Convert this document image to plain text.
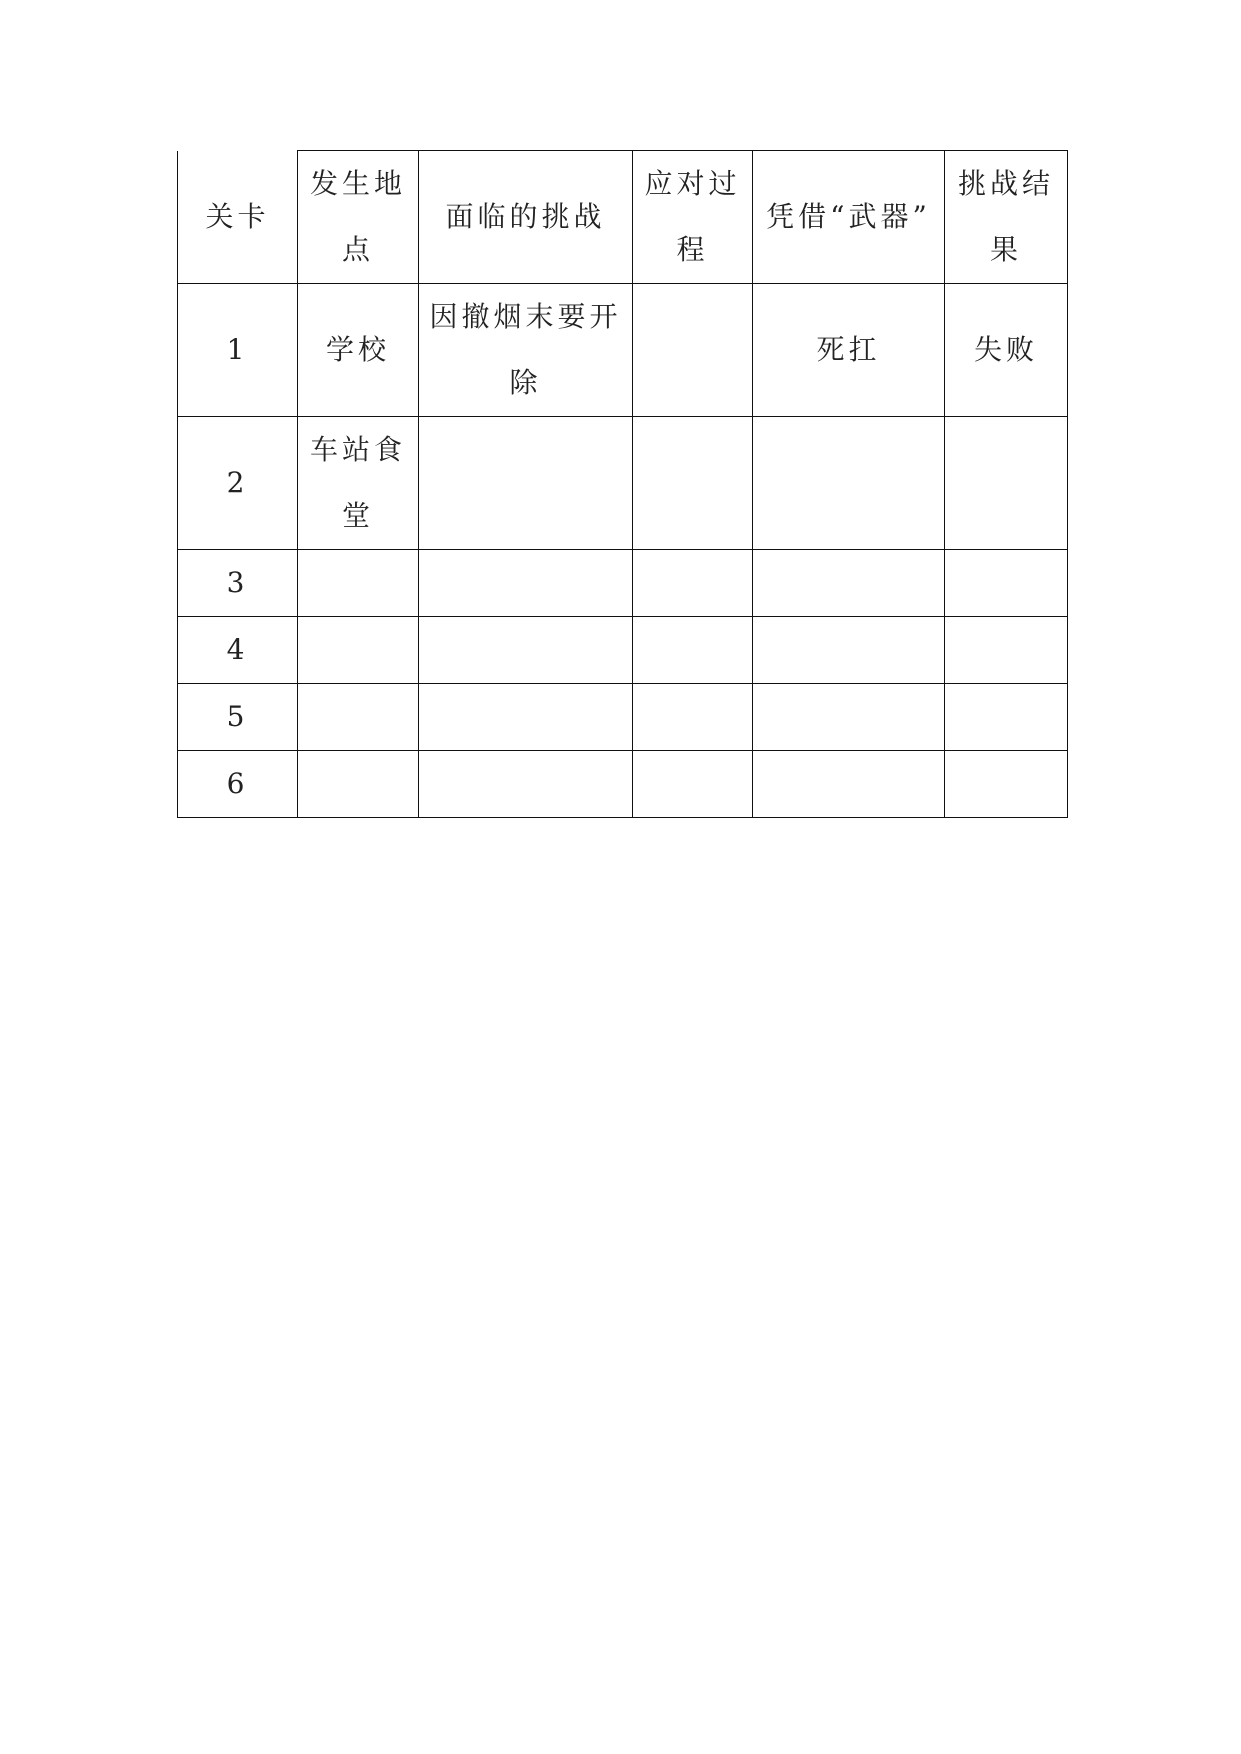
关卡	发生地点	面临的挑战	应对过程	凭借“武器”	挑战结果
1	学校	因撤烟末要开除		死扛	失败
2	车站食堂				
3					
4					
5					
6					
